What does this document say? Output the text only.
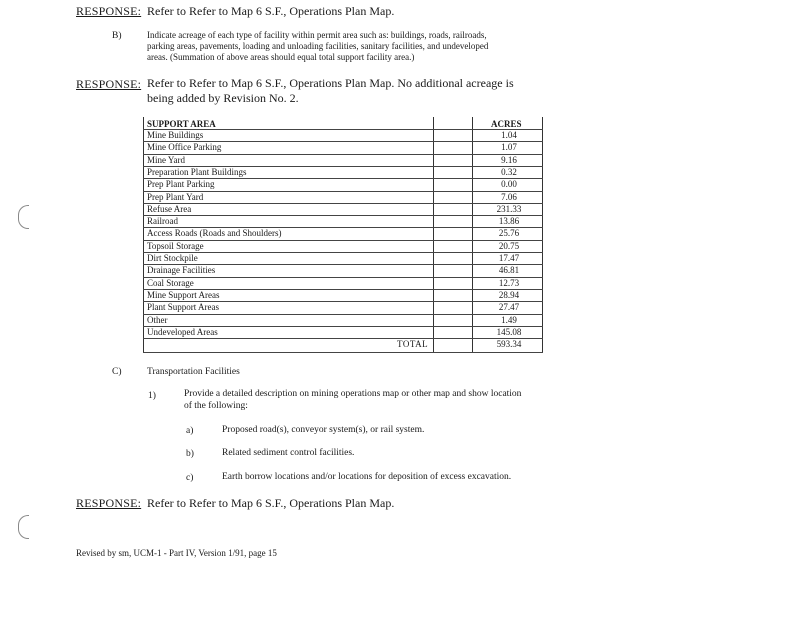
RESPONSE: Refer to Refer to Map 6 S.F., Operations Plan Map.
B)	Indicate acreage of each type of facility within permit area such as: buildings, roads, railroads,
parking areas, pavements, loading and unloading facilities, sanitary facilities, and undeveloped
areas. (Summation of above areas should equal total support facility area.)
RESPONSE: Refer to Refer to Map 6 S.F., Operations Plan Map. No additional acreage is
being added by Revision No. 2.
SUPPORT AREA	ACRES
Mine Buildings	1.04
Mine Office Parking	1.07
Mine Yard	9.16
Preparation Plant Buildings	0.32
Prep Plant Parking	0.00
Prep Plant Yard	7.06
Refuse Area	231.33
Railroad	13.86
Access Roads (Roads and Shoulders)	25.76
Topsoil Storage	20.75
Dirt Stockpile	17.47
Drainage Facilities	46.81
Coal Storage	12.73
Mine Support Areas	28.94
Plant Support Areas	27.47
Other	1.49
Undeveloped Areas	145.08
TOTAL	593.34
C)	Transportation Facilities
1)	Provide a detailed description on mining operations map or other map and show location
of the following:
a)	Proposed road(s), conveyor system(s), or rail system.
b)	Related sediment control facilities.
c)	Earth borrow locations and/or locations for deposition of excess excavation.
RESPONSE: Refer to Refer to Map 6 S.F., Operations Plan Map.
Revised by sm, UCM-1 - Part IV, Version 1/91, page 15
